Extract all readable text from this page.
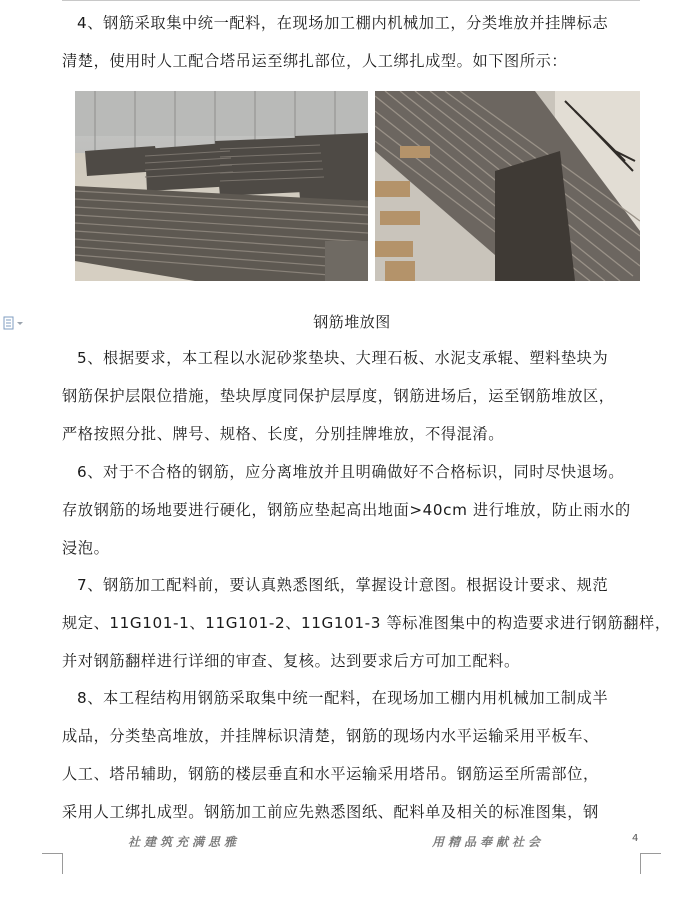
4、钢筋采取集中统一配料，在现场加工棚内机械加工，分类堆放并挂牌标志
清楚，使用时人工配合塔吊运至绑扎部位，人工绑扎成型。如下图所示：
钢筋堆放图
5、根据要求，本工程以水泥砂浆垫块、大理石板、水泥支承辊、塑料垫块为
钢筋保护层限位措施，垫块厚度同保护层厚度，钢筋进场后，运至钢筋堆放区，
严格按照分批、牌号、规格、长度，分别挂牌堆放，不得混淆。
6、对于不合格的钢筋，应分离堆放并且明确做好不合格标识，同时尽快退场。
存放钢筋的场地要进行硬化，钢筋应垫起高出地面>40cm 进行堆放，防止雨水的
浸泡。
7、钢筋加工配料前，要认真熟悉图纸，掌握设计意图。根据设计要求、规范
规定、11G101-1、11G101-2、11G101-3 等标准图集中的构造要求进行钢筋翻样，
并对钢筋翻样进行详细的审查、复核。达到要求后方可加工配料。
8、本工程结构用钢筋采取集中统一配料，在现场加工棚内用机械加工制成半
成品，分类垫高堆放，并挂牌标识清楚，钢筋的现场内水平运输采用平板车、
人工、塔吊辅助，钢筋的楼层垂直和水平运输采用塔吊。钢筋运至所需部位，
采用人工绑扎成型。钢筋加工前应先熟悉图纸、配料单及相关的标准图集，钢
社建筑充满思雅	用精品奉献社会	4
